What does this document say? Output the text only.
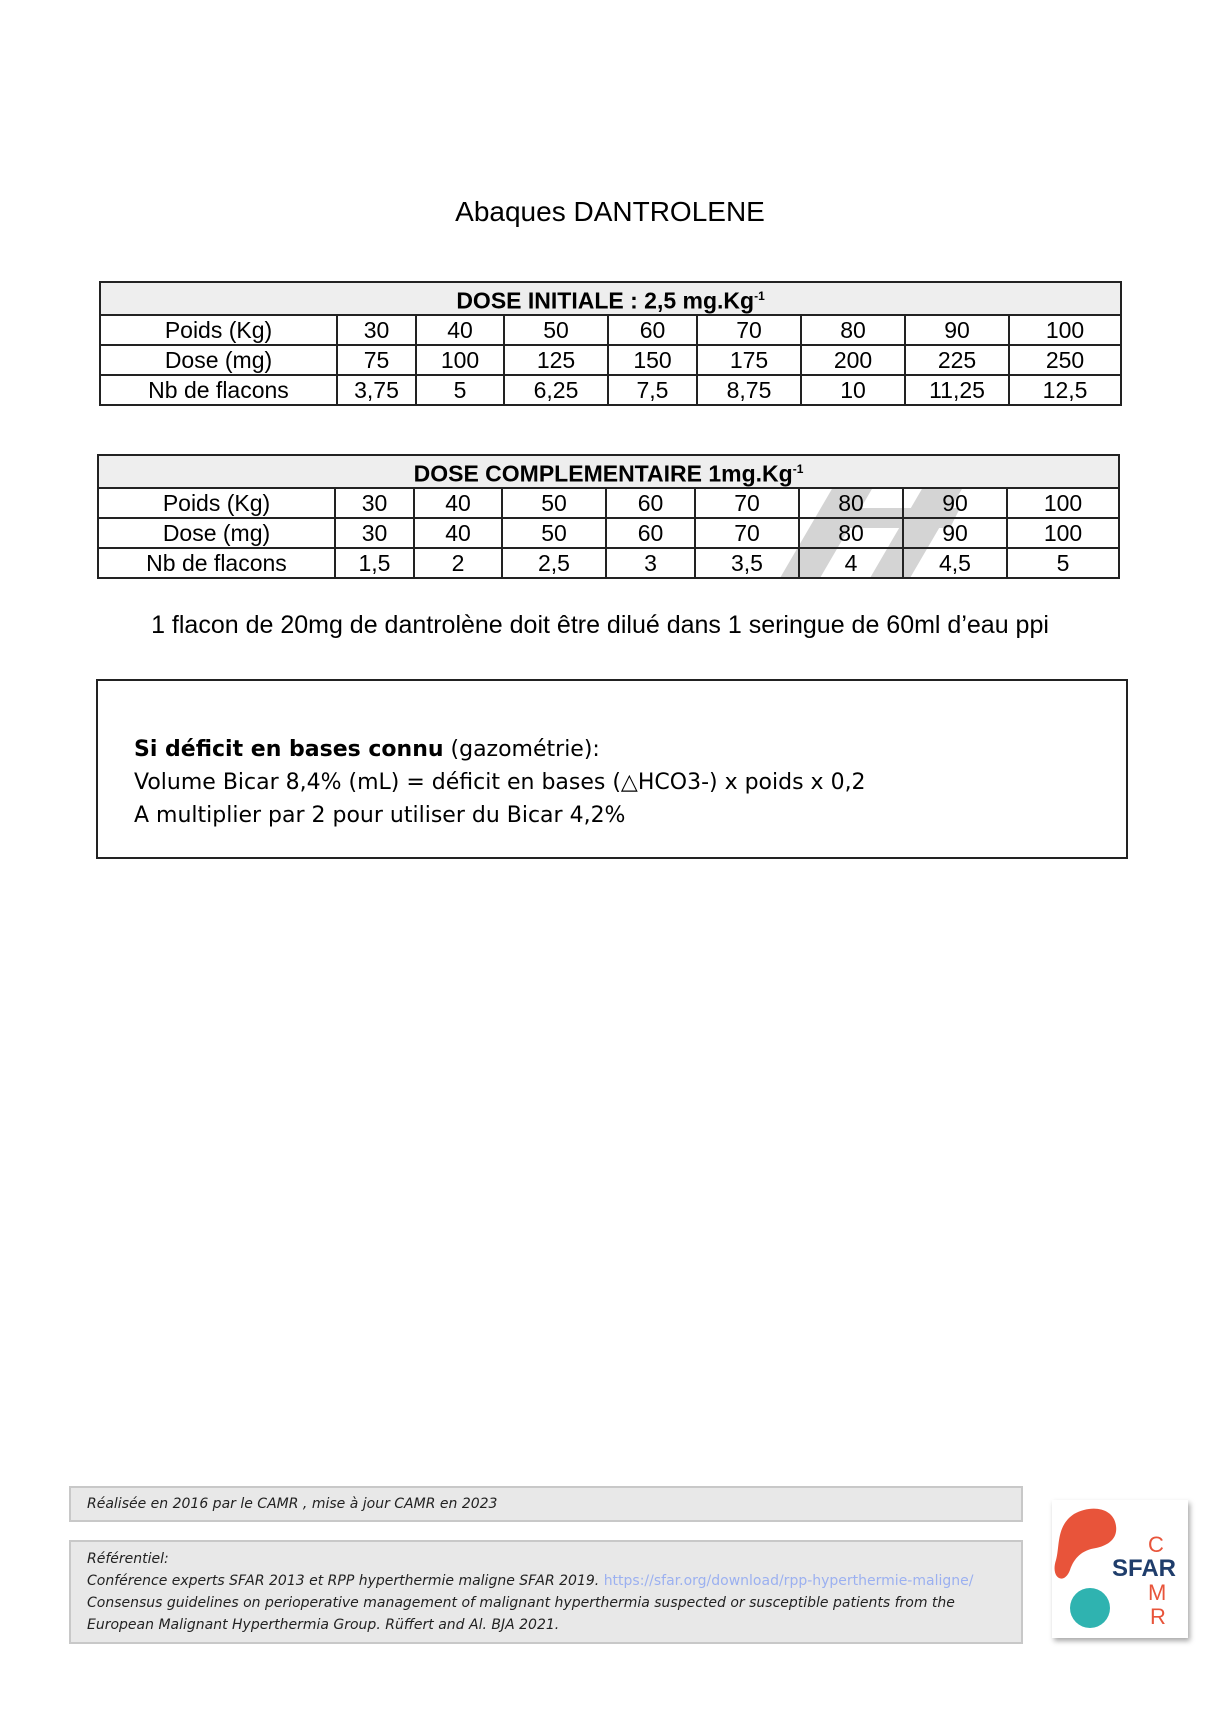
Abaques DANTROLENE
DOSE INITIALE : 2,5 $mg.Kg^{-1}$
Poids (Kg)	30	40	50	60	70	80	90	100
Dose (mg)	75	100	125	150	175	200	225	250
Nb de flacons	3,75	5	6,25	7,5	8,75	10	11,25	12,5
DOSE COMPLEMENTAIRE $1mg.Kg^{-1}$
Poids (Kg)	30	40	50	60	70	80	90	100
Dose (mg)	30	40	50	60	70	80	90	100
Nb de flacons	1,5	2	2,5	3	3,5	4	4,5	5
1 flacon de 20mg de dantrolène doit être dilué dans 1 seringue de 60ml d’eau ppi
Si déficit en bases connu (gazométrie):
Volume Bicar 8,4% (mL) = déficit en bases (△HCO3-) x poids x 0,2
A multiplier par 2 pour utiliser du Bicar 4,2%
Réalisée en 2016 par le CAMR , mise à jour CAMR en 2023
Référentiel:
Conférence experts SFAR 2013 et RPP hyperthermie maligne SFAR 2019. https://sfar.org/download/rpp-hyperthermie-maligne/
Consensus guidelines on perioperative management of malignant hyperthermia suspected or susceptible patients from the European Malignant Hyperthermia Group. Rüffert and Al. BJA 2021.
C
SFAR
M
R
